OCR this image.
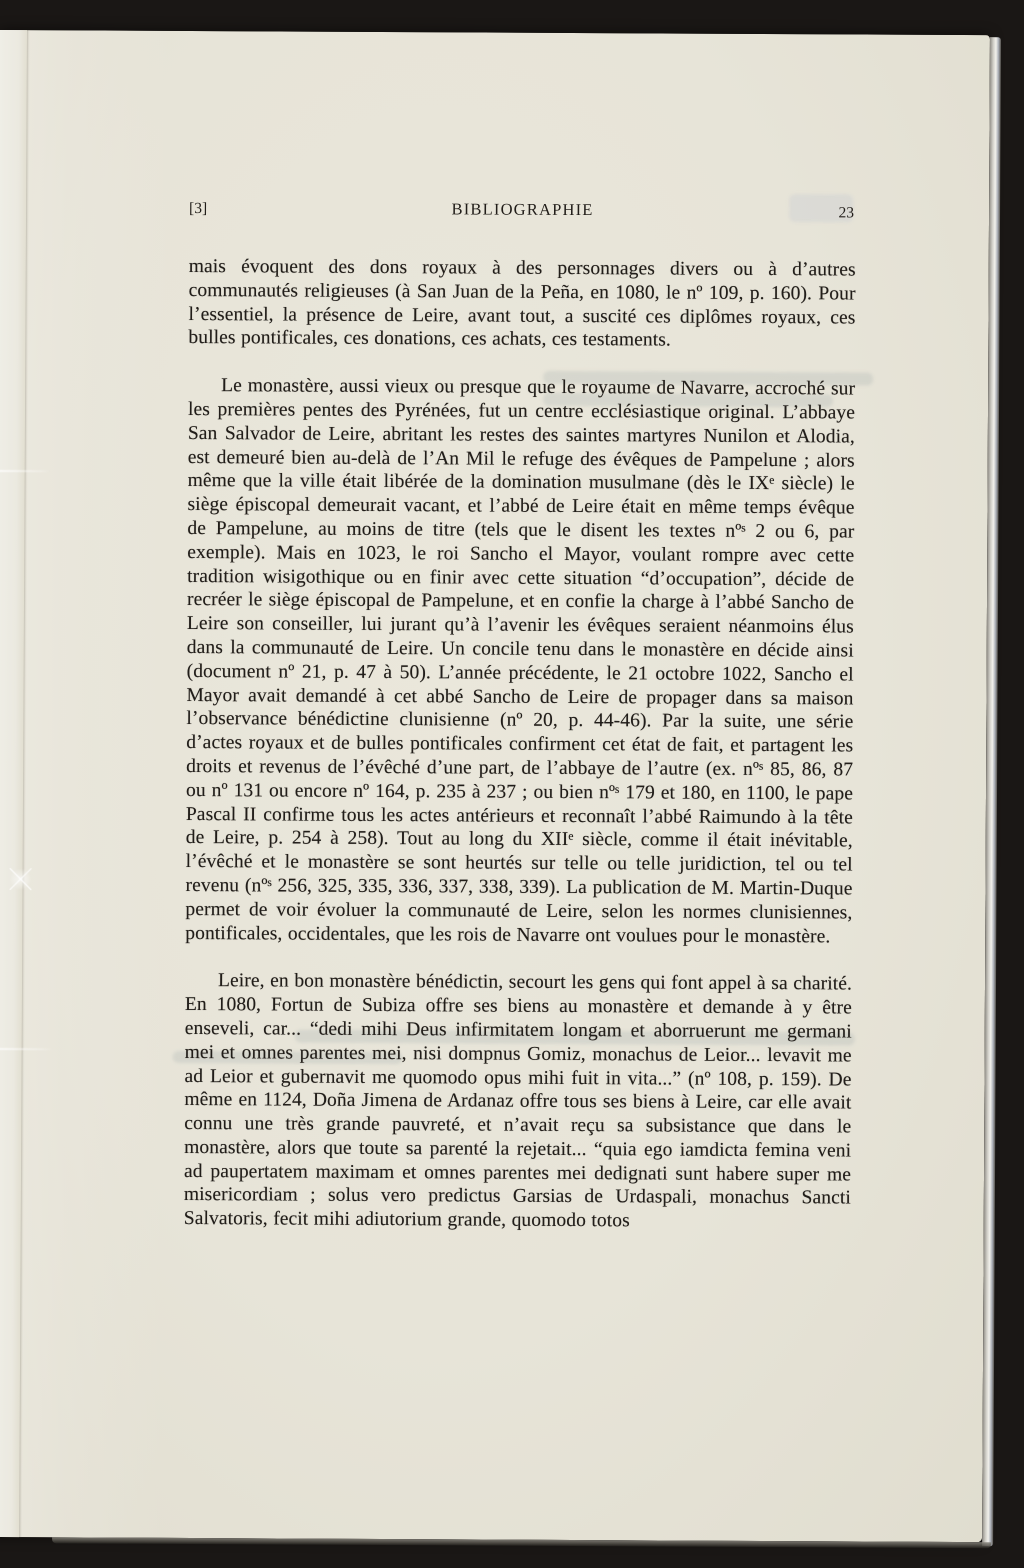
[3]	BIBLIOGRAPHIE	23

mais évoquent des dons royaux à des personnages divers ou à d’autres communautés religieuses (à San Juan de la Peña, en 1080, le nº 109, p. 160). Pour l’essentiel, la présence de Leire, avant tout, a suscité ces diplômes royaux, ces bulles pontificales, ces donations, ces achats, ces testaments.

Le monastère, aussi vieux ou presque que le royaume de Navarre, accroché sur les premières pentes des Pyrénées, fut un centre ecclésiastique original. L’abbaye San Salvador de Leire, abritant les restes des saintes martyres Nunilon et Alodia, est demeuré bien au-delà de l’An Mil le refuge des évêques de Pampelune ; alors même que la ville était libérée de la domination musulmane (dès le IXᵉ siècle) le siège épiscopal demeurait vacant, et l’abbé de Leire était en même temps évêque de Pampelune, au moins de titre (tels que le disent les textes nºˢ 2 ou 6, par exemple). Mais en 1023, le roi Sancho el Mayor, voulant rompre avec cette tradition wisigothique ou en finir avec cette situation “d’occupation”, décide de recréer le siège épiscopal de Pampelune, et en confie la charge à l’abbé Sancho de Leire son conseiller, lui jurant qu’à l’avenir les évêques seraient néanmoins élus dans la communauté de Leire. Un concile tenu dans le monastère en décide ainsi (document nº 21, p. 47 à 50). L’année précédente, le 21 octobre 1022, Sancho el Mayor avait demandé à cet abbé Sancho de Leire de propager dans sa maison l’observance bénédictine clunisienne (nº 20, p. 44-46). Par la suite, une série d’actes royaux et de bulles pontificales confirment cet état de fait, et partagent les droits et revenus de l’évêché d’une part, de l’abbaye de l’autre (ex. nºˢ 85, 86, 87 ou nº 131 ou encore nº 164, p. 235 à 237 ; ou bien nºˢ 179 et 180, en 1100, le pape Pascal II confirme tous les actes antérieurs et reconnaît l’abbé Raimundo à la tête de Leire, p. 254 à 258). Tout au long du XIIᵉ siècle, comme il était inévitable, l’évêché et le monastère se sont heurtés sur telle ou telle juridiction, tel ou tel revenu (nºˢ 256, 325, 335, 336, 337, 338, 339). La publication de M. Martin-Duque permet de voir évoluer la communauté de Leire, selon les normes clunisiennes, pontificales, occidentales, que les rois de Navarre ont voulues pour le monastère.

Leire, en bon monastère bénédictin, secourt les gens qui font appel à sa charité. En 1080, Fortun de Subiza offre ses biens au monastère et demande à y être enseveli, car... “dedi mihi Deus infirmitatem longam et aborruerunt me germani mei et omnes parentes mei, nisi dompnus Gomiz, monachus de Leior... levavit me ad Leior et gubernavit me quomodo opus mihi fuit in vita...” (nº 108, p. 159). De même en 1124, Doña Jimena de Ardanaz offre tous ses biens à Leire, car elle avait connu une très grande pauvreté, et n’avait reçu sa subsistance que dans le monastère, alors que toute sa parenté la rejetait... “quia ego iamdicta femina veni ad paupertatem maximam et omnes parentes mei dedignati sunt habere super me misericordiam ; solus vero predictus Garsias de Urdaspali, monachus Sancti Salvatoris, fecit mihi adiutorium grande, quomodo totos
